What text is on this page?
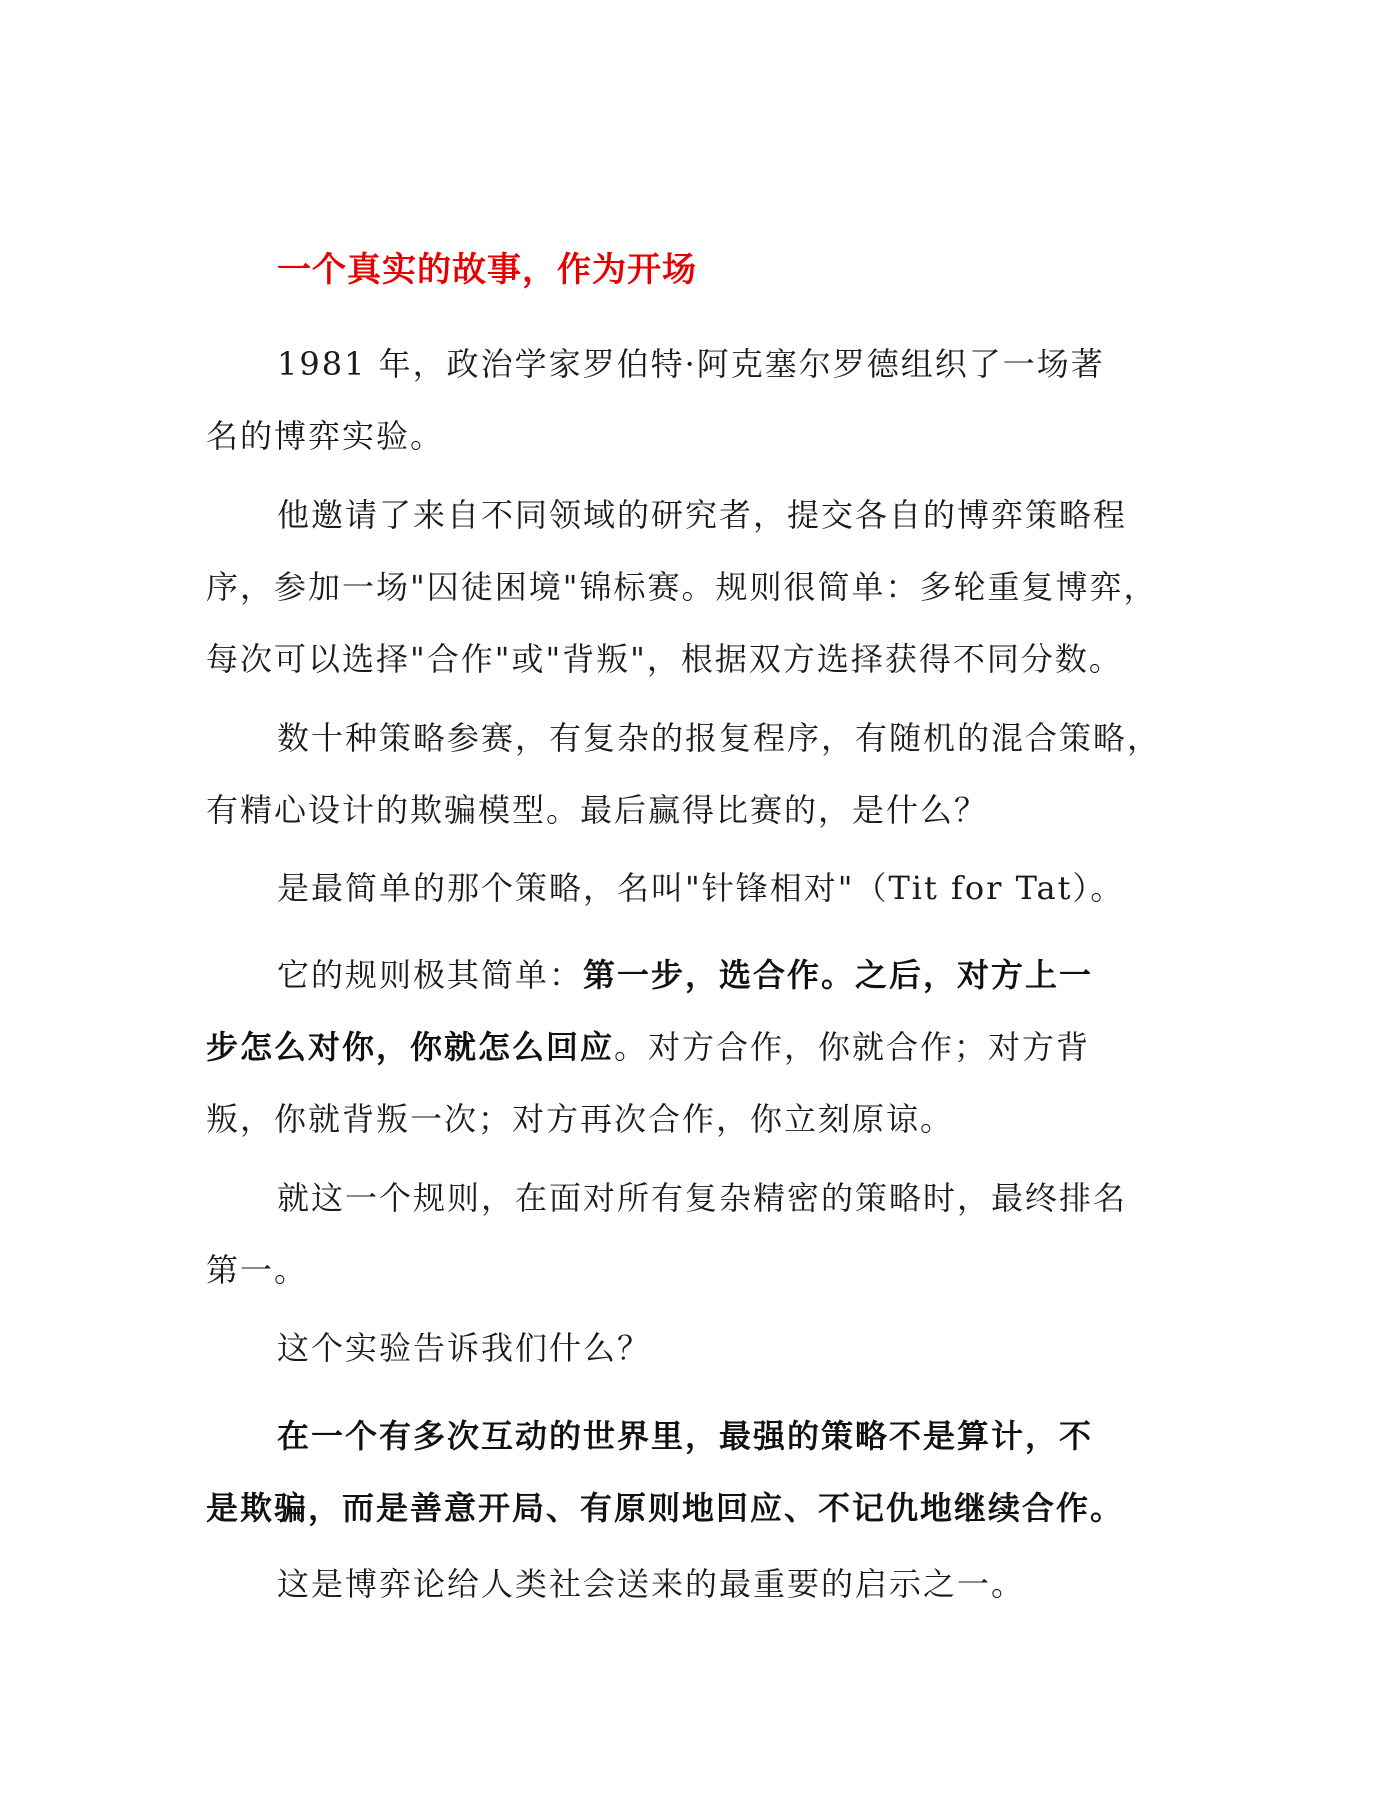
一个真实的故事，作为开场

1981 年，政治学家罗伯特·阿克塞尔罗德组织了一场著
名的博弈实验。

他邀请了来自不同领域的研究者，提交各自的博弈策略程
序，参加一场"囚徒困境"锦标赛。规则很简单：多轮重复博弈，
每次可以选择"合作"或"背叛"，根据双方选择获得不同分数。

数十种策略参赛，有复杂的报复程序，有随机的混合策略，
有精心设计的欺骗模型。最后赢得比赛的，是什么？

是最简单的那个策略，名叫"针锋相对"（Tit for Tat）。

它的规则极其简单：第一步，选合作。之后，对方上一
步怎么对你，你就怎么回应。对方合作，你就合作；对方背
叛，你就背叛一次；对方再次合作，你立刻原谅。

就这一个规则，在面对所有复杂精密的策略时，最终排名
第一。

这个实验告诉我们什么？

在一个有多次互动的世界里，最强的策略不是算计，不
是欺骗，而是善意开局、有原则地回应、不记仇地继续合作。

这是博弈论给人类社会送来的最重要的启示之一。
